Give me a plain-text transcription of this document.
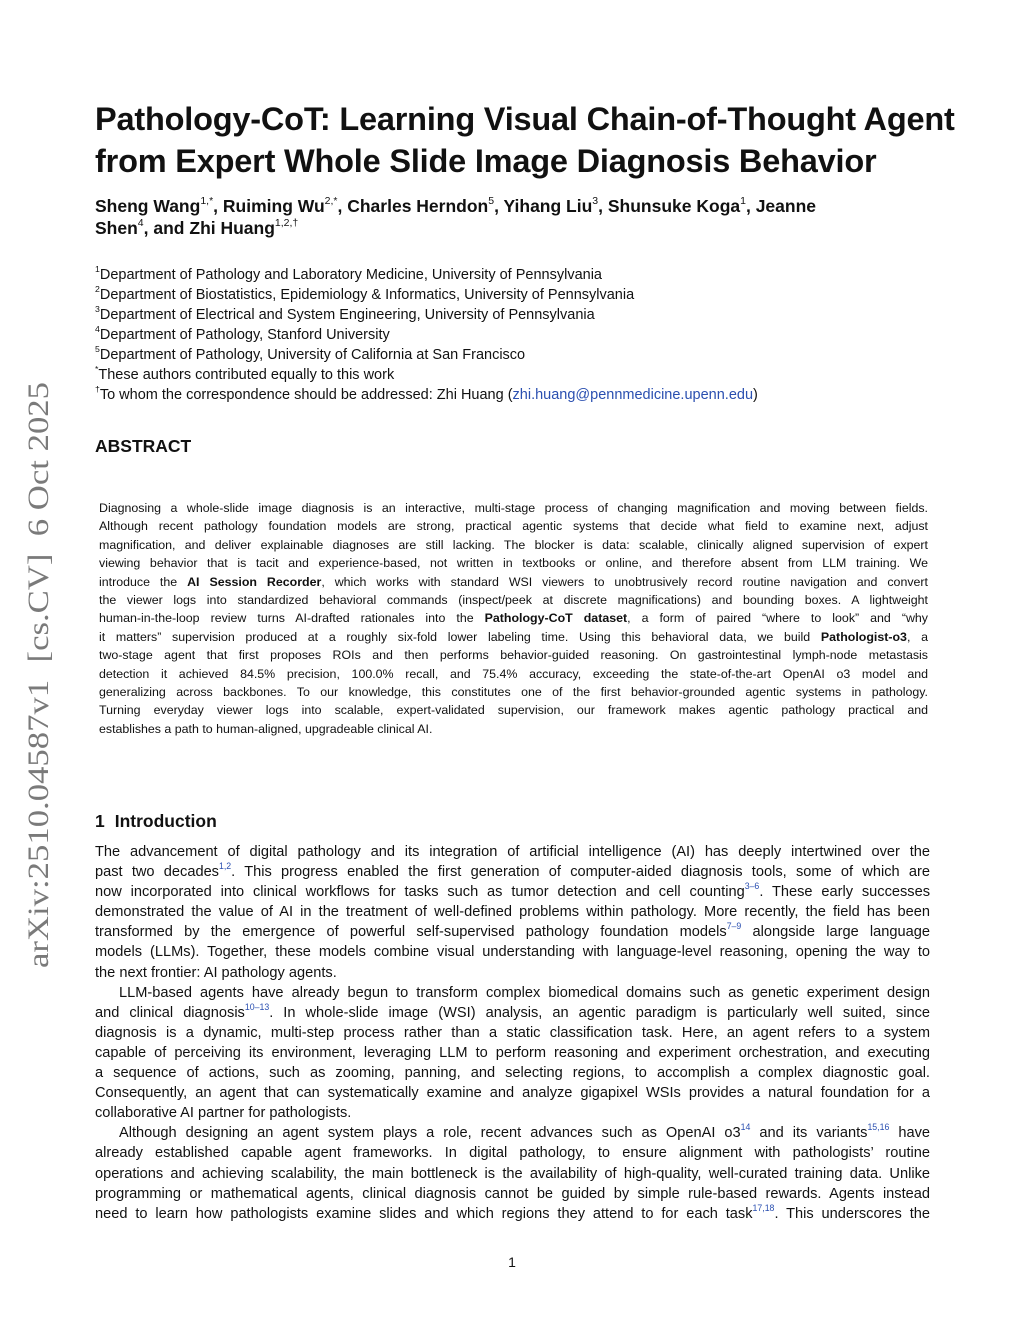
arXiv:2510.04587v1  [cs.CV]  6 Oct 2025
Pathology-CoT: Learning Visual Chain-of-Thought Agent
from Expert Whole Slide Image Diagnosis Behavior
Sheng Wang$^{1,*}$, Ruiming $Wu^{2,*}$, Charles Herndon$^5$, Yihang Liu$^3$, Shunsuke Koga$^1$, Jeanne
Shen$^4$, and Zhi Huang$^{1,2,\dagger}$
$^1$Department of Pathology and Laboratory Medicine, University of Pennsylvania
$^2$Department of Biostatistics, Epidemiology & Informatics, University of Pennsylvania
$^3$Department of Electrical and System Engineering, University of Pennsylvania
$^4$Department of Pathology, Stanford University
$^5$Department of Pathology, University of California at San Francisco
*These authors contributed equally to this work
†To whom the correspondence should be addressed: Zhi Huang (zhi.huang@pennmedicine.upenn.edu)
ABSTRACT
Diagnosing a whole-slide image diagnosis is an interactive, multi-stage process of changing magnification and moving between fields.
Although recent pathology foundation models are strong, practical agentic systems that decide what field to examine next, adjust
magnification, and deliver explainable diagnoses are still lacking. The blocker is data: scalable, clinically aligned supervision of expert
viewing behavior that is tacit and experience-based, not written in textbooks or online, and therefore absent from LLM training. We
introduce the AI Session Recorder, which works with standard WSI viewers to unobtrusively record routine navigation and convert
the viewer logs into standardized behavioral commands (inspect/peek at discrete magnifications) and bounding boxes. A lightweight
human-in-the-loop review turns AI-drafted rationales into the Pathology-CoT dataset, a form of paired “where to look” and “why
it matters” supervision produced at a roughly six-fold lower labeling time. Using this behavioral data, we build Pathologist-o3, a
two-stage agent that first proposes ROIs and then performs behavior-guided reasoning. On gastrointestinal lymph-node metastasis
detection it achieved 84.5% precision, 100.0% recall, and 75.4% accuracy, exceeding the state-of-the-art OpenAI o3 model and
generalizing across backbones. To our knowledge, this constitutes one of the first behavior-grounded agentic systems in pathology.
Turning everyday viewer logs into scalable, expert-validated supervision, our framework makes agentic pathology practical and
establishes a path to human-aligned, upgradeable clinical AI.
1 Introduction
The advancement of digital pathology and its integration of artificial intelligence (AI) has deeply intertwined over the
past two decades$^{1,2}$. This progress enabled the first generation of computer-aided diagnosis tools, some of which are
now incorporated into clinical workflows for tasks such as tumor detection and cell counting$^{3-6}$. These early successes
demonstrated the value of AI in the treatment of well-defined problems within pathology. More recently, the field has been
transformed by the emergence of powerful self-supervised pathology foundation models$^{7-9}$ alongside large language
models (LLMs). Together, these models combine visual understanding with language-level reasoning, opening the way to
the next frontier: AI pathology agents.
LLM-based agents have already begun to transform complex biomedical domains such as genetic experiment design
and clinical diagnosis$^{10-13}$. In whole-slide image (WSI) analysis, an agentic paradigm is particularly well suited, since
diagnosis is a dynamic, multi-step process rather than a static classification task. Here, an agent refers to a system
capable of perceiving its environment, leveraging LLM to perform reasoning and experiment orchestration, and executing
a sequence of actions, such as zooming, panning, and selecting regions, to accomplish a complex diagnostic goal.
Consequently, an agent that can systematically examine and analyze gigapixel WSIs provides a natural foundation for a
collaborative AI partner for pathologists.
Although designing an agent system plays a role, recent advances such as OpenAI o3$^{14}$ and its variants$^{15,16}$ have
already established capable agent frameworks. In digital pathology, to ensure alignment with pathologists’ routine
operations and achieving scalability, the main bottleneck is the availability of high-quality, well-curated training data. Unlike
programming or mathematical agents, clinical diagnosis cannot be guided by simple rule-based rewards. Agents instead
need to learn how pathologists examine slides and which regions they attend to for each task$^{17,18}$. This underscores the
1
